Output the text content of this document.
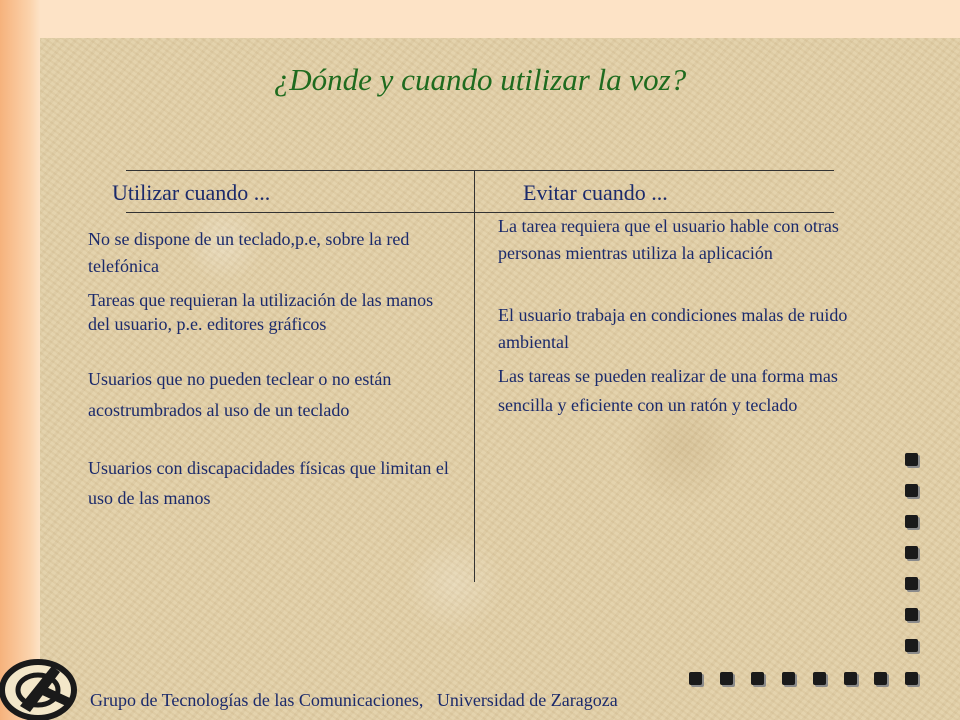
¿Dónde y cuando utilizar la voz?
Utilizar cuando ...	Evitar cuando ...

No se dispone de un teclado,p.e, sobre la red telefónica

Tareas que requieran la utilización de las manos del usuario, p.e. editores gráficos

Usuarios que no pueden teclear o no están acostrumbrados al uso de un teclado

Usuarios con discapacidades físicas que limitan el uso de las manos

La tarea requiera que el usuario hable con otras personas mientras utiliza la aplicación

El usuario trabaja en condiciones malas de ruido ambiental

Las tareas se pueden realizar de una forma mas sencilla y eficiente con un ratón y teclado

Grupo de Tecnologías de las Comunicaciones, Universidad de Zaragoza
